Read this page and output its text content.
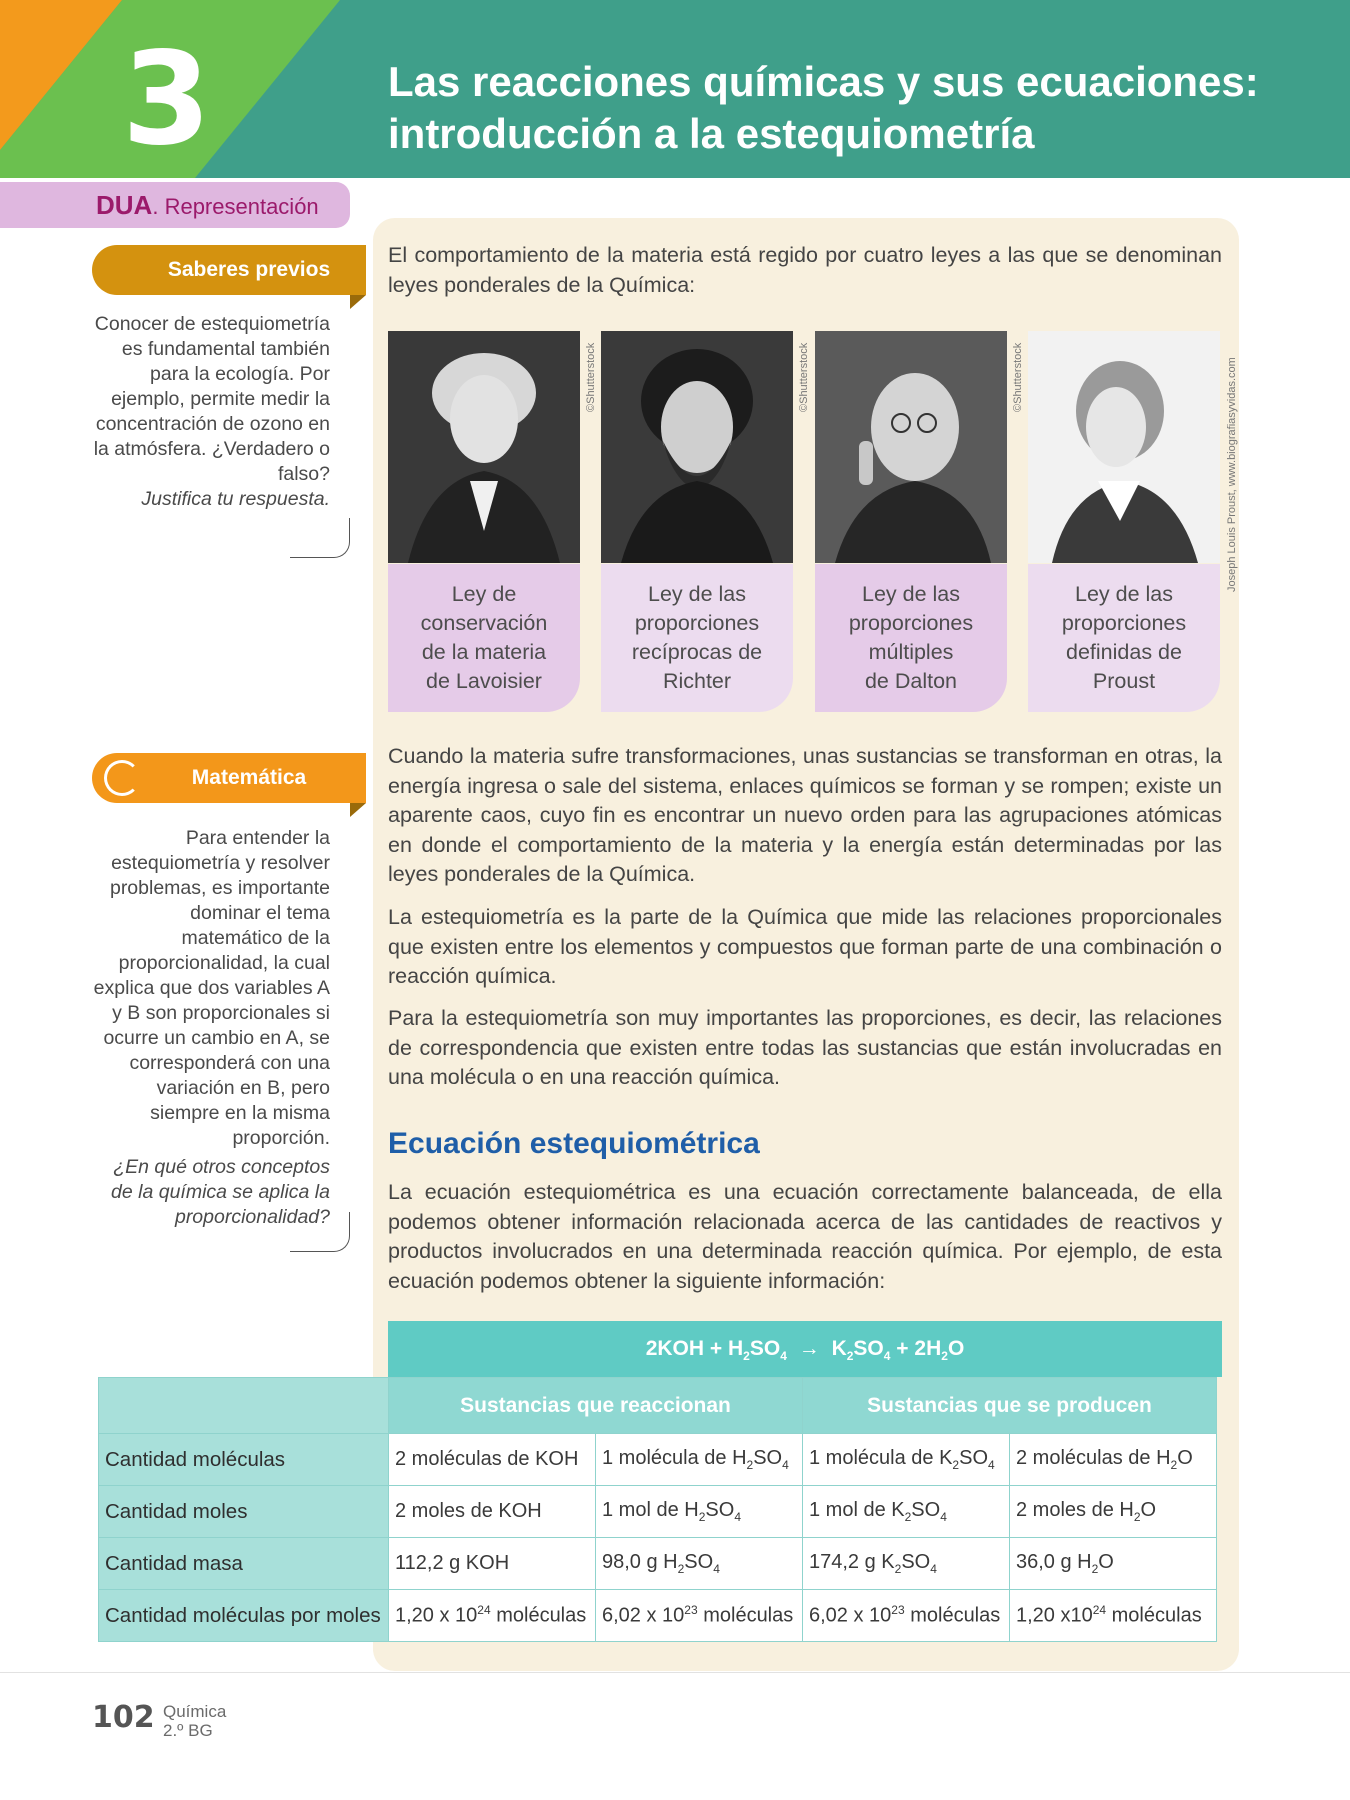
3	Las reacciones químicas y sus ecuaciones:
introducción a la estequiometría
DUA. Representación
Saberes previos
Conocer de estequiometría es fundamental también para la ecología. Por ejemplo, permite medir la concentración de ozono en la atmósfera. ¿Verdadero o falso?
Justifica tu respuesta.
Matemática
Para entender la estequiometría y resolver problemas, es importante dominar el tema matemático de la proporcionalidad, la cual explica que dos variables A y B son proporcionales si ocurre un cambio en A, se corresponderá con una variación en B, pero siempre en la misma proporción.
¿En qué otros conceptos de la química se aplica la proporcionalidad?
El comportamiento de la materia está regido por cuatro leyes a las que se denominan leyes ponderales de la Química:
©Shutterstock	©Shutterstock	©Shutterstock	Joseph Louis Proust, www.biografiasyvidas.com
Ley de
conservación
de la materia
de Lavoisier
Ley de las
proporciones
recíprocas de
Richter
Ley de las
proporciones
múltiples
de Dalton
Ley de las
proporciones
definidas de
Proust
Cuando la materia sufre transformaciones, unas sustancias se transforman en otras, la energía ingresa o sale del sistema, enlaces químicos se forman y se rompen; existe un aparente caos, cuyo fin es encontrar un nuevo orden para las agrupaciones atómicas en donde el comportamiento de la materia y la energía están determinadas por las leyes ponderales de la Química.
La estequiometría es la parte de la Química que mide las relaciones proporcionales que existen entre los elementos y compuestos que forman parte de una combinación o reacción química.
Para la estequiometría son muy importantes las proporciones, es decir, las relaciones de correspondencia que existen entre todas las sustancias que están involucradas en una molécula o en una reacción química.
Ecuación estequiométrica
La ecuación estequiométrica es una ecuación correctamente balanceada, de ella podemos obtener información relacionada acerca de las cantidades de reactivos y productos involucrados en una determinada reacción química. Por ejemplo, de esta ecuación podemos obtener la siguiente información:
$2KOH + H_2SO_4 \to K_2SO_4 + 2H_2O$
	Sustancias que reaccionan		Sustancias que se producen	
Cantidad moléculas	2 moléculas de KOH	1 molécula de $H_2SO_4$	1 molécula de $K_2SO_4$	2 moléculas de $H_2O$
Cantidad moles	2 moles de KOH	1 mol de $H_2SO_4$	1 mol de $K_2SO_4$	2 moles de $H_2O$
Cantidad masa	112,2 g KOH	98,0 g $H_2SO_4$	174,2 g $K_2SO_4$	36,0 g $H_2O$
Cantidad moléculas por moles	1,20 x $10^{24}$ moléculas	6,02 x $10^{23}$ moléculas	6,02 x $10^{23}$ moléculas	1,20 $x10^{24}$ moléculas
102 Química
2.º BG
